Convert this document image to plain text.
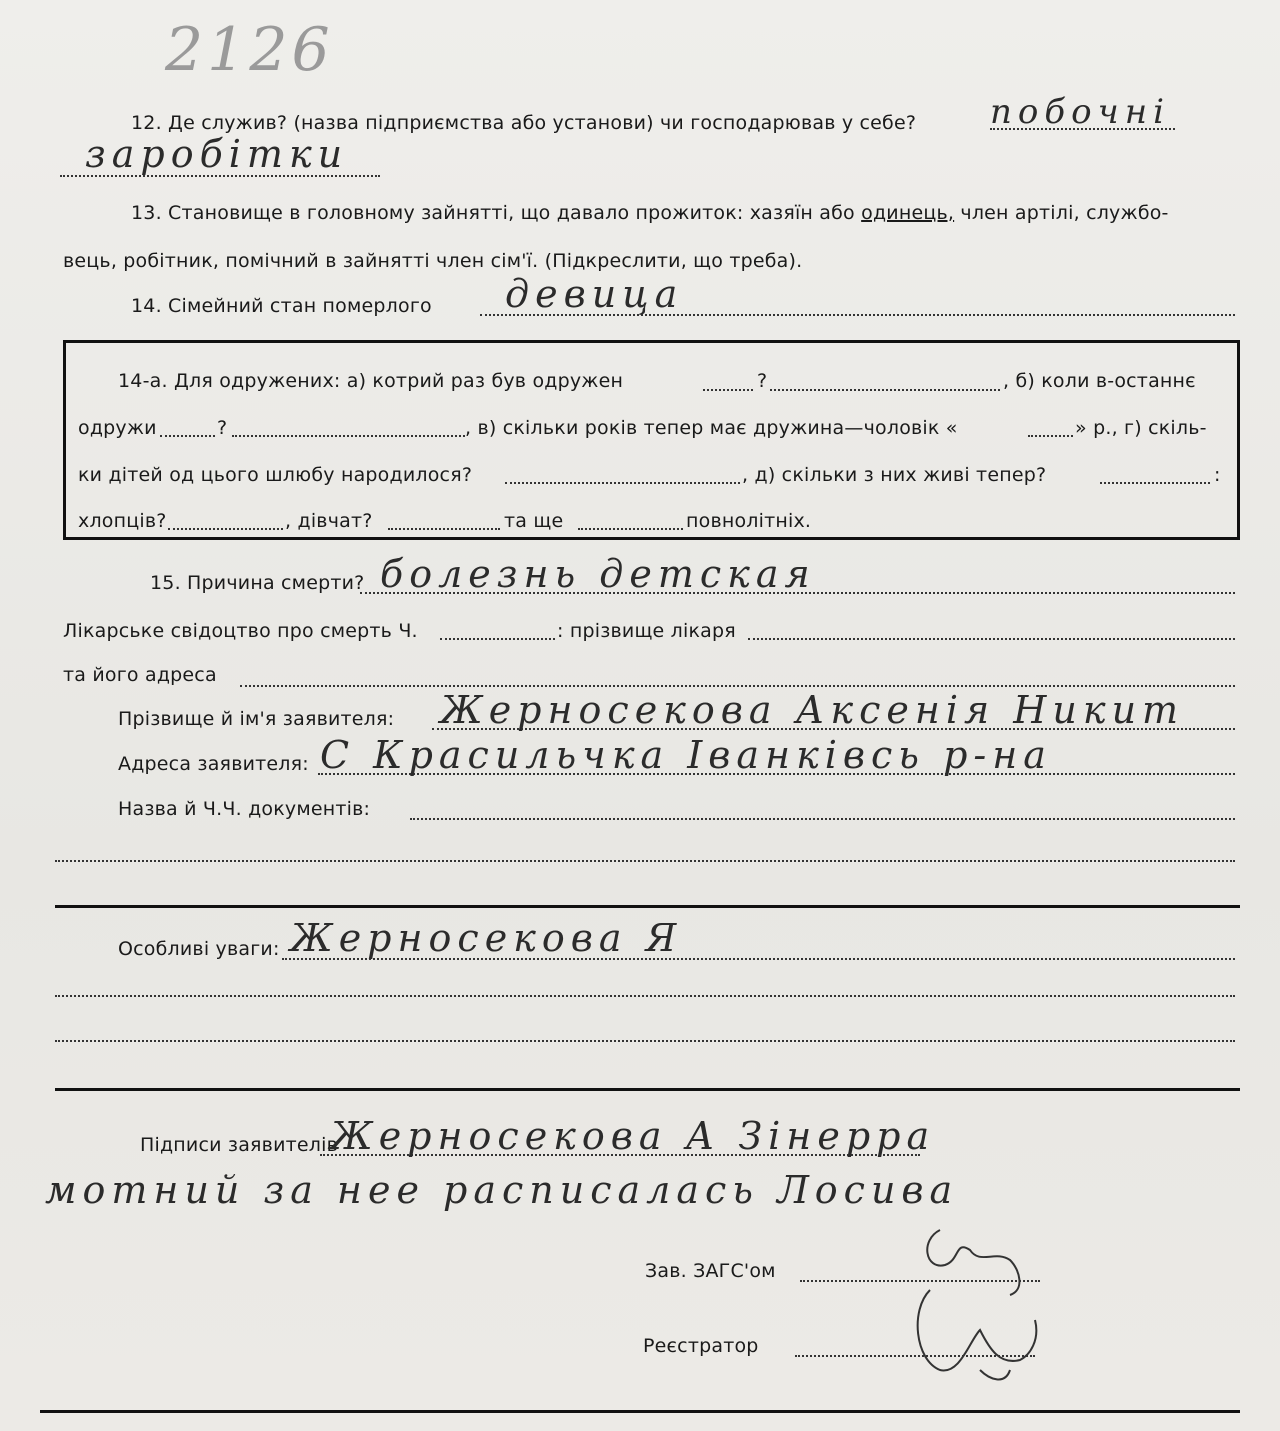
2126
12. Де служив? (назва підприємства або установи) чи господарював у себе? побочні
заробітки
13. Становище в головному зайнятті, що давало прожиток: хазяїн або одинець, член артілі, службо-
вець, робітник, помічний в зайнятті член сім'ї. (Підкреслити, що треба).
14. Сімейний стан померлого девица
14-а. Для одружених: а) котрий раз був одружен	?	, б) коли в-останнє
одружи	?	, в) скільки років тепер має дружина—чоловік «	» р., г) скіль-
ки дітей од цього шлюбу народилося?	, д) скільки з них живі тепер?	:
хлопців?	, дівчат?	та ще	повнолітніх.
15. Причина смерти? болезнь детская
Лікарське свідоцтво про смерть Ч.	: прізвище лікаря
та його адреса
Прізвище й ім'я заявителя: Жерносекова Аксенія Никит
Адреса заявителя: С Красильчка Іванківсь р-на
Назва й Ч.Ч. документів:
Особливі уваги: Жерносекова Я
Підписи заявителів
Жерносекова А Зінерра
мотний за нее расписалась Лосива
Зав. ЗАГС'ом
Реєстратор
